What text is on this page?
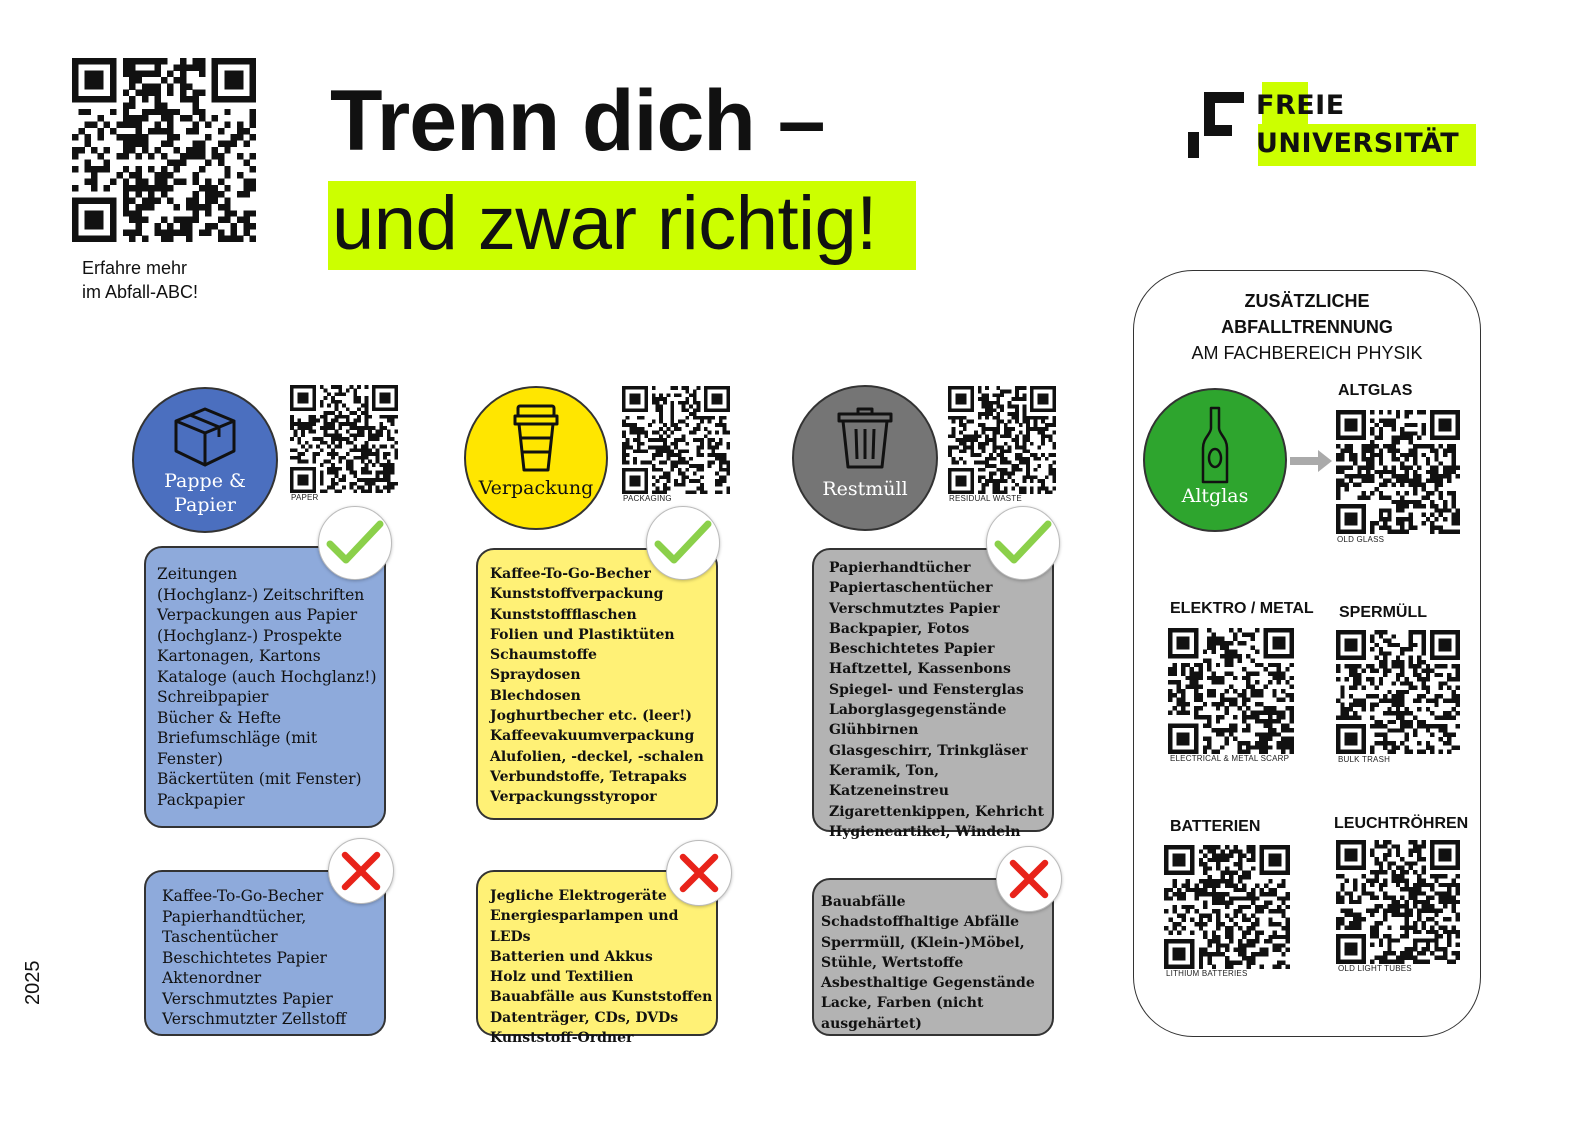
Erfahre mehr
im Abfall-ABC!
Trenn dich –
und zwar richtig!
FREIE
UNIVERSITÄT
2025
Pappe &
Papier	PAPER
Zeitungen
(Hochglanz-) Zeitschriften
Verpackungen aus Papier
(Hochglanz-) Prospekte
Kartonagen, Kartons
Kataloge (auch Hochglanz!)
Schreibpapier
Bücher & Hefte
Briefumschläge (mit Fenster)
Bäckertüten (mit Fenster)
Packpapier
Kaffee-To-Go-Becher
Papierhandtücher,
Taschentücher
Beschichtetes Papier
Aktenordner
Verschmutztes Papier
Verschmutzter Zellstoff
Verpackung	PACKAGING
Kaffee-To-Go-Becher
Kunststoffverpackung
Kunststoffflaschen
Folien und Plastiktüten
Schaumstoffe
Spraydosen
Blechdosen
Joghurtbecher etc. (leer!)
Kaffeevakuumverpackung
Alufolien, -deckel, -schalen
Verbundstoffe, Tetrapaks
Verpackungsstyropor
Jegliche Elektrogeräte
Energiesparlampen und LEDs
Batterien und Akkus
Holz und Textilien
Bauabfälle aus Kunststoffen
Datenträger, CDs, DVDs
Kunststoff-Ordner
Restmüll	RESIDUAL WASTE
Papierhandtücher
Papiertaschentücher
Verschmutztes Papier
Backpapier, Fotos
Beschichtetes Papier
Haftzettel, Kassenbons
Spiegel- und Fensterglas
Laborglasgegenstände
Glühbirnen
Glasgeschirr, Trinkgläser
Keramik, Ton, Katzeneinstreu
Zigarettenkippen, Kehricht
Hygieneartikel, Windeln
Bauabfälle
Schadstoffhaltige Abfälle
Sperrmüll, (Klein-)Möbel,
Stühle, Wertstoffe
Asbesthaltige Gegenstände
Lacke, Farben (nicht ausgehärtet)
ZUSÄTZLICHE
ABFALLTRENNUNG
AM FACHBEREICH PHYSIK
Altglas
ALTGLAS
OLD GLASS
ELEKTRO / METAL
ELECTRICAL & METAL SCARP
SPERMÜLL
BULK TRASH
BATTERIEN
LITHIUM BATTERIES
LEUCHTRÖHREN
OLD LIGHT TUBES
